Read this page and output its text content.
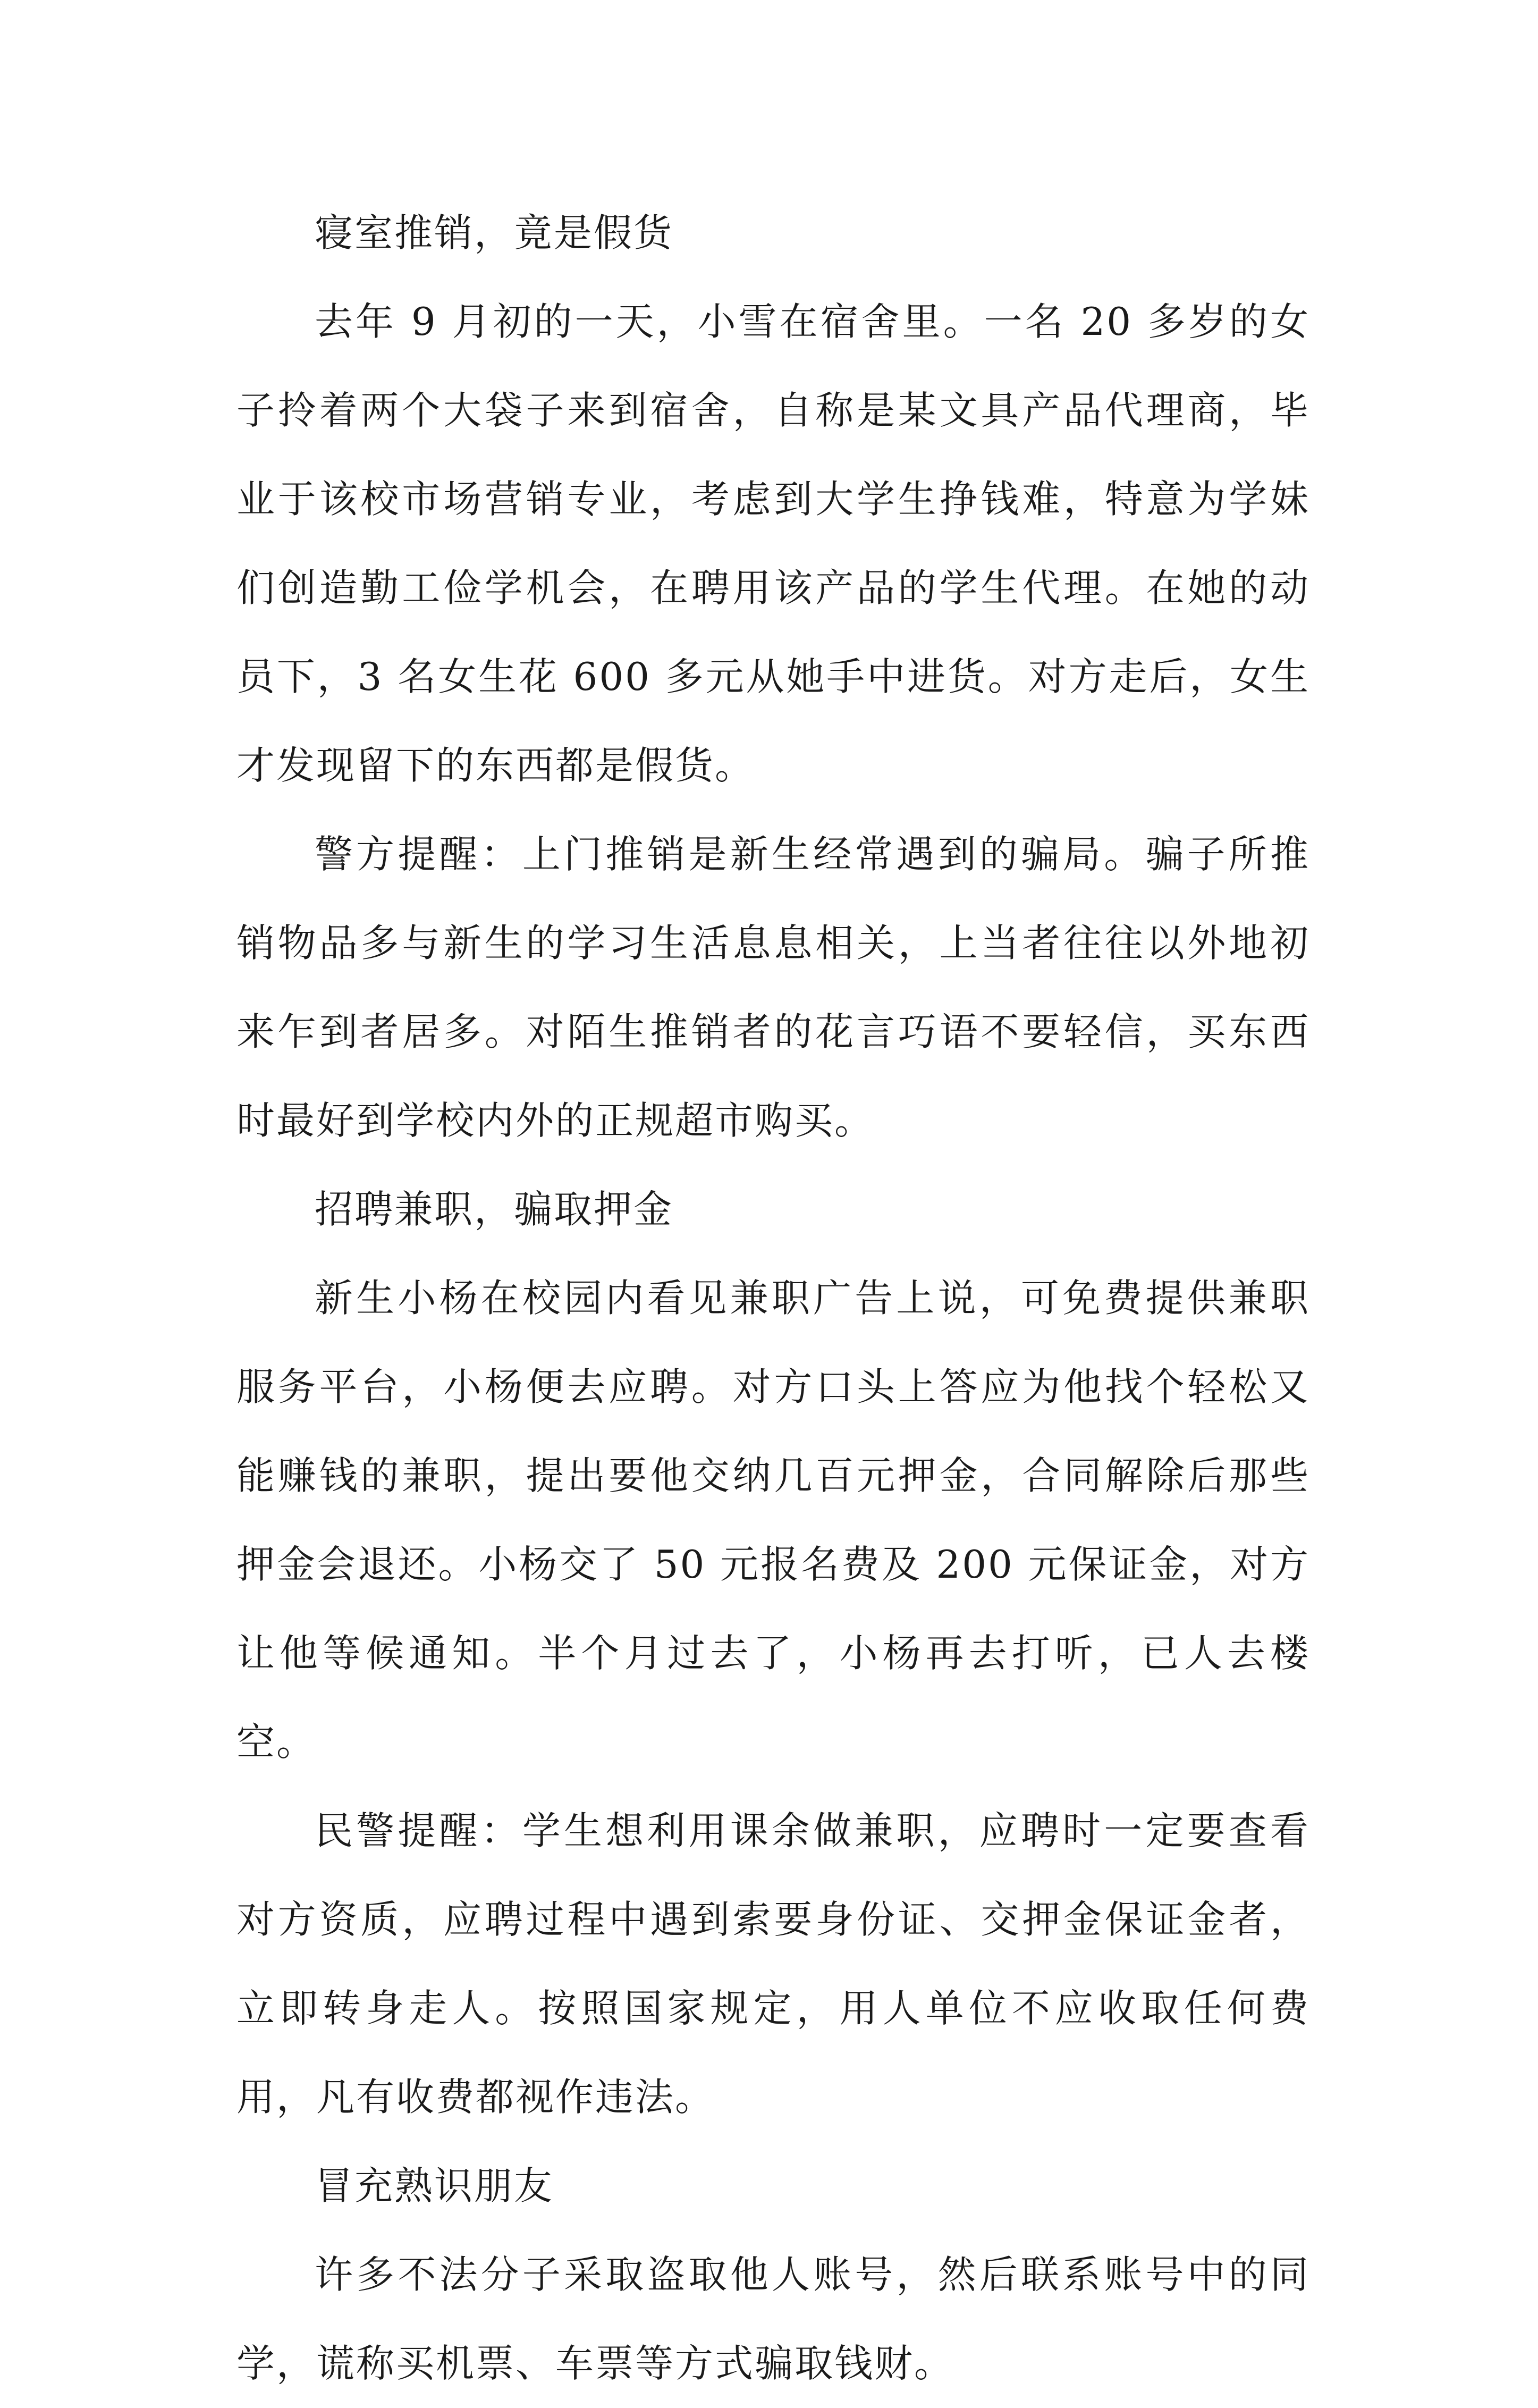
寝室推销，竟是假货

去年 9 月初的一天，小雪在宿舍里。一名 20 多岁的女子拎着两个大袋子来到宿舍，自称是某文具产品代理商，毕业于该校市场营销专业，考虑到大学生挣钱难，特意为学妹们创造勤工俭学机会，在聘用该产品的学生代理。在她的动员下，3 名女生花 600 多元从她手中进货。对方走后，女生才发现留下的东西都是假货。

警方提醒：上门推销是新生经常遇到的骗局。骗子所推销物品多与新生的学习生活息息相关，上当者往往以外地初来乍到者居多。对陌生推销者的花言巧语不要轻信，买东西时最好到学校内外的正规超市购买。

招聘兼职，骗取押金

新生小杨在校园内看见兼职广告上说，可免费提供兼职服务平台，小杨便去应聘。对方口头上答应为他找个轻松又能赚钱的兼职，提出要他交纳几百元押金，合同解除后那些押金会退还。小杨交了 50 元报名费及 200 元保证金，对方让他等候通知。半个月过去了，小杨再去打听，已人去楼空。

民警提醒：学生想利用课余做兼职，应聘时一定要查看对方资质，应聘过程中遇到索要身份证、交押金保证金者，立即转身走人。按照国家规定，用人单位不应收取任何费用，凡有收费都视作违法。

冒充熟识朋友

许多不法分子采取盗取他人账号，然后联系账号中的同学，谎称买机票、车票等方式骗取钱财。
